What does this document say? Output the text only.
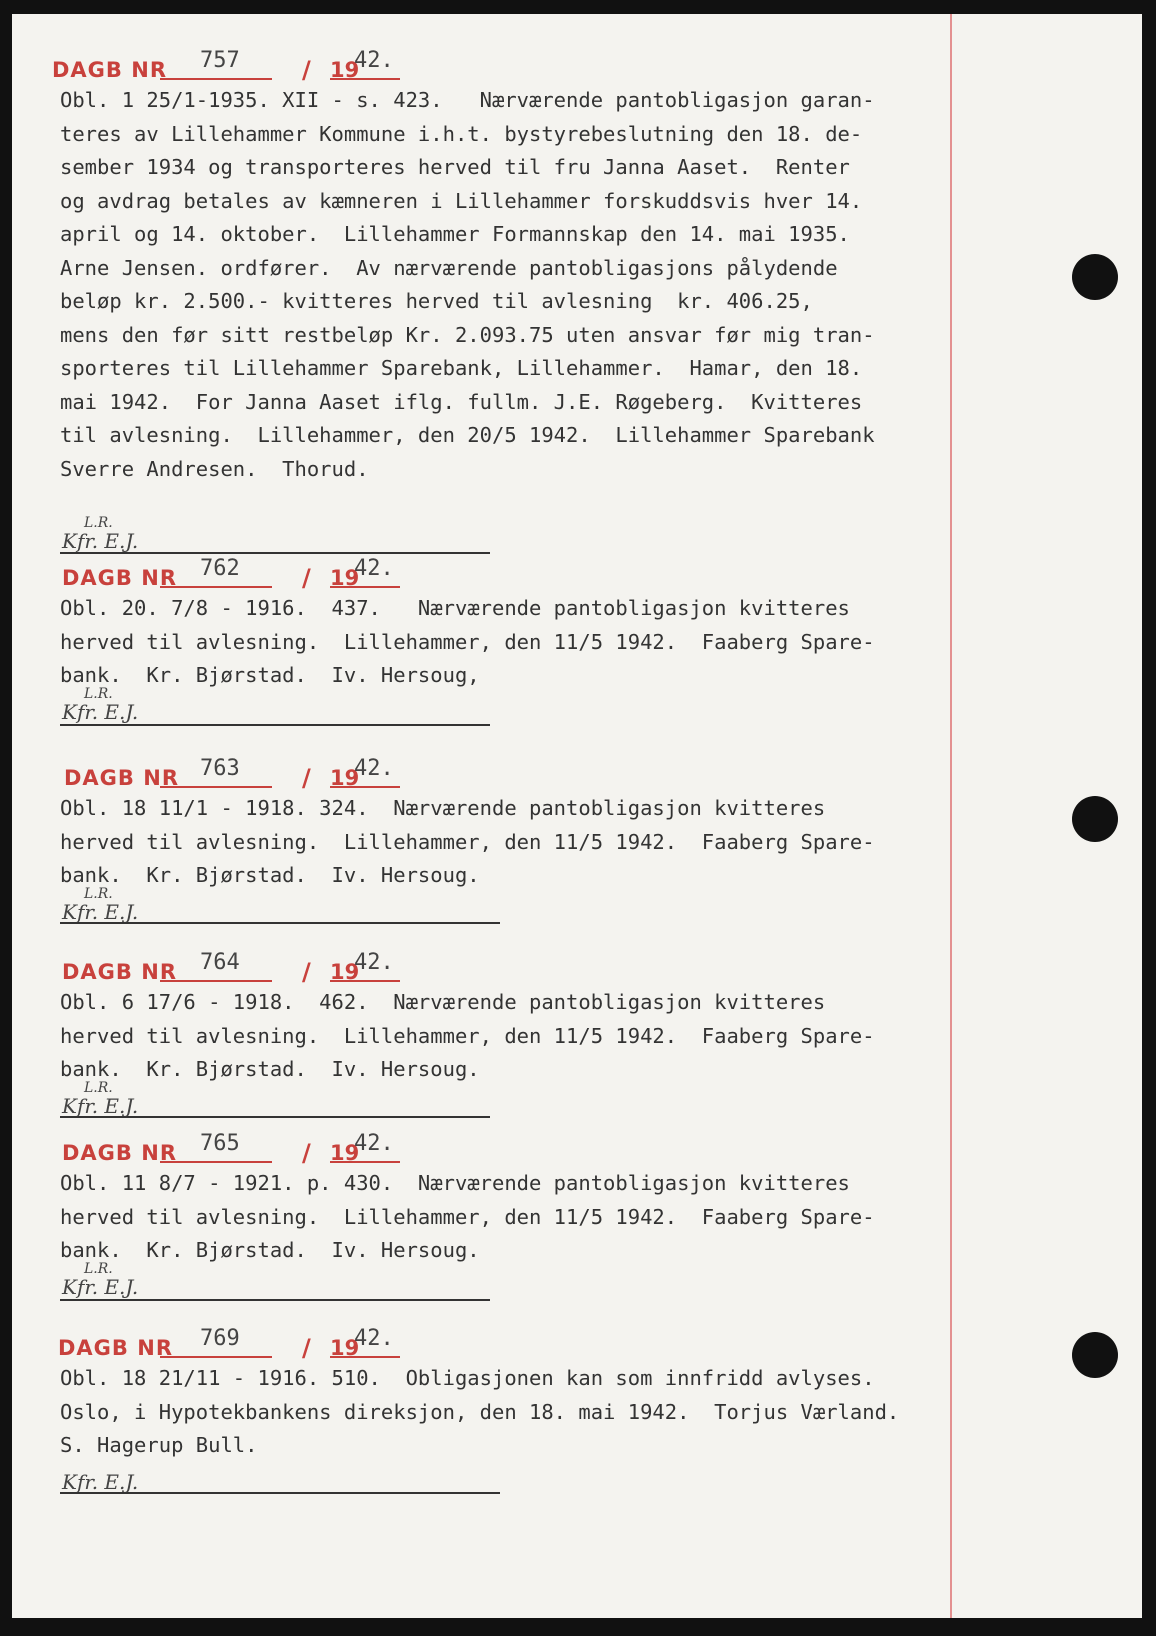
DAGB NR 757	/ 19
42.
Obl. 1 25/1-1935. XII - s. 423.   Nærværende pantobligasjon garan-
teres av Lillehammer Kommune i.h.t. bystyrebeslutning den 18. de-
sember 1934 og transporteres herved til fru Janna Aaset.  Renter
og avdrag betales av kæmneren i Lillehammer forskuddsvis hver 14.
april og 14. oktober.  Lillehammer Formannskap den 14. mai 1935.
Arne Jensen. ordfører.  Av nærværende pantobligasjons pålydende
beløp kr. 2.500.- kvitteres herved til avlesning  kr. 406.25,
mens den før sitt restbeløp Kr. 2.093.75 uten ansvar før mig tran-
sporteres til Lillehammer Sparebank, Lillehammer.  Hamar, den 18.
mai 1942.  For Janna Aaset iflg. fullm. J.E. Røgeberg.  Kvitteres
til avlesning.  Lillehammer, den 20/5 1942.  Lillehammer Sparebank
Sverre Andresen.  Thorud.
Kfr. E.J.
L.R.
DAGB NR 762	/ 19
42.
Obl. 20. 7/8 - 1916.  437.   Nærværende pantobligasjon kvitteres
herved til avlesning.  Lillehammer, den 11/5 1942.  Faaberg Spare-
bank.  Kr. Bjørstad.  Iv. Hersoug,
Kfr. E.J.
L.R.
DAGB NR 763	/ 19
42.
Obl. 18 11/1 - 1918. 324.  Nærværende pantobligasjon kvitteres
herved til avlesning.  Lillehammer, den 11/5 1942.  Faaberg Spare-
bank.  Kr. Bjørstad.  Iv. Hersoug.
Kfr. E.J.
L.R.
DAGB NR 764	/ 19
42.
Obl. 6 17/6 - 1918.  462.  Nærværende pantobligasjon kvitteres
herved til avlesning.  Lillehammer, den 11/5 1942.  Faaberg Spare-
bank.  Kr. Bjørstad.  Iv. Hersoug.
Kfr. E.J.
L.R.
DAGB NR 765	/ 19
42.
Obl. 11 8/7 - 1921. p. 430.  Nærværende pantobligasjon kvitteres
herved til avlesning.  Lillehammer, den 11/5 1942.  Faaberg Spare-
bank.  Kr. Bjørstad.  Iv. Hersoug.
Kfr. E.J.
L.R.
DAGB NR 769	/ 19
42.
Obl. 18 21/11 - 1916. 510.  Obligasjonen kan som innfridd avlyses.
Oslo, i Hypotekbankens direksjon, den 18. mai 1942.  Torjus Værland.
S. Hagerup Bull.
Kfr. E.J.
